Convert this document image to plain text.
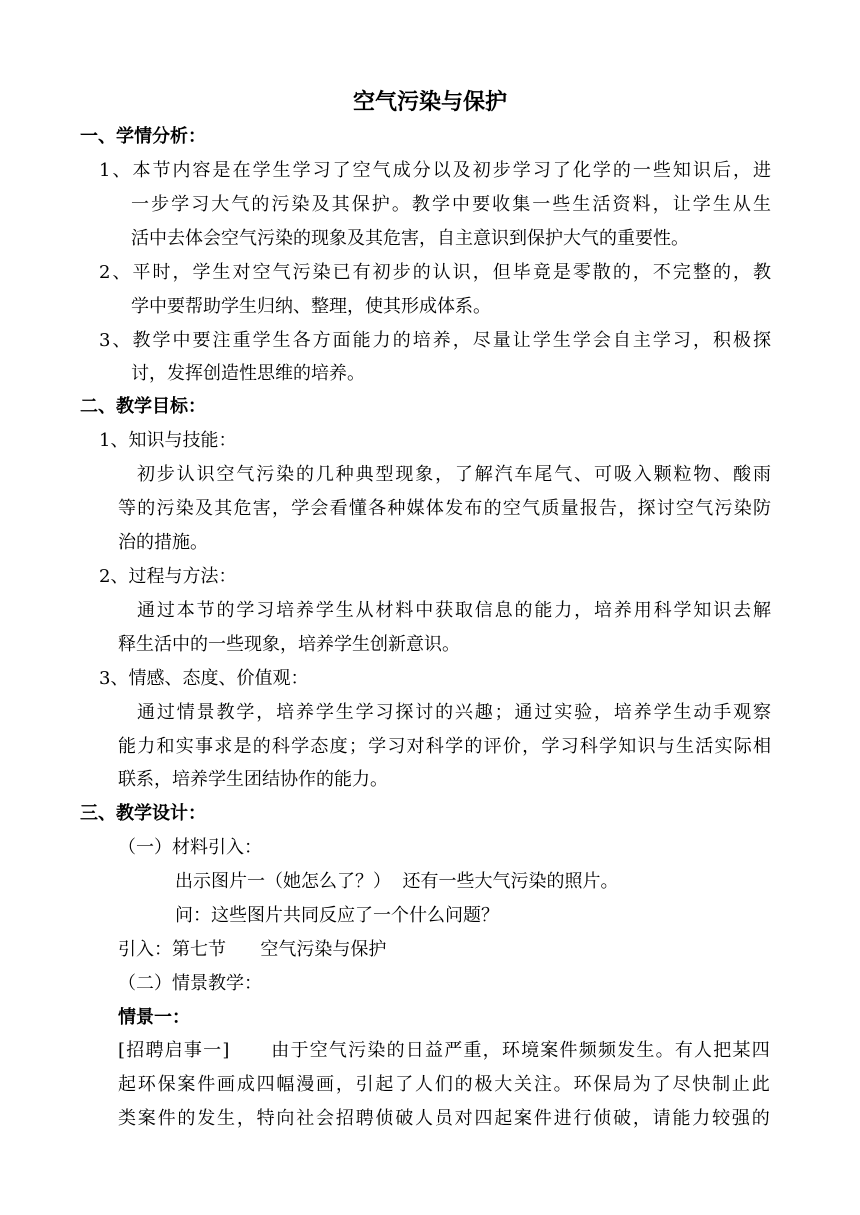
空气污染与保护
一、学情分析：
1、本节内容是在学生学习了空气成分以及初步学习了化学的一些知识后，进
一步学习大气的污染及其保护。教学中要收集一些生活资料，让学生从生
活中去体会空气污染的现象及其危害，自主意识到保护大气的重要性。
2、平时，学生对空气污染已有初步的认识，但毕竟是零散的，不完整的，教
学中要帮助学生归纳、整理，使其形成体系。
3、教学中要注重学生各方面能力的培养，尽量让学生学会自主学习，积极探
讨，发挥创造性思维的培养。
二、教学目标：
1、知识与技能：
初步认识空气污染的几种典型现象，了解汽车尾气、可吸入颗粒物、酸雨
等的污染及其危害，学会看懂各种媒体发布的空气质量报告，探讨空气污染防
治的措施。
2、过程与方法：
通过本节的学习培养学生从材料中获取信息的能力，培养用科学知识去解
释生活中的一些现象，培养学生创新意识。
3、情感、态度、价值观：
通过情景教学，培养学生学习探讨的兴趣；通过实验，培养学生动手观察
能力和实事求是的科学态度；学习对科学的评价，学习科学知识与生活实际相
联系，培养学生团结协作的能力。
三、教学设计：
（一）材料引入：
出示图片一（她怎么了？）  还有一些大气污染的照片。
问：这些图片共同反应了一个什么问题？
引入：第七节      空气污染与保护
（二）情景教学：
情景一：
[招聘启事一]      由于空气污染的日益严重，环境案件频频发生。有人把某四
起环保案件画成四幅漫画，引起了人们的极大关注。环保局为了尽快制止此
类案件的发生，特向社会招聘侦破人员对四起案件进行侦破，请能力较强的
